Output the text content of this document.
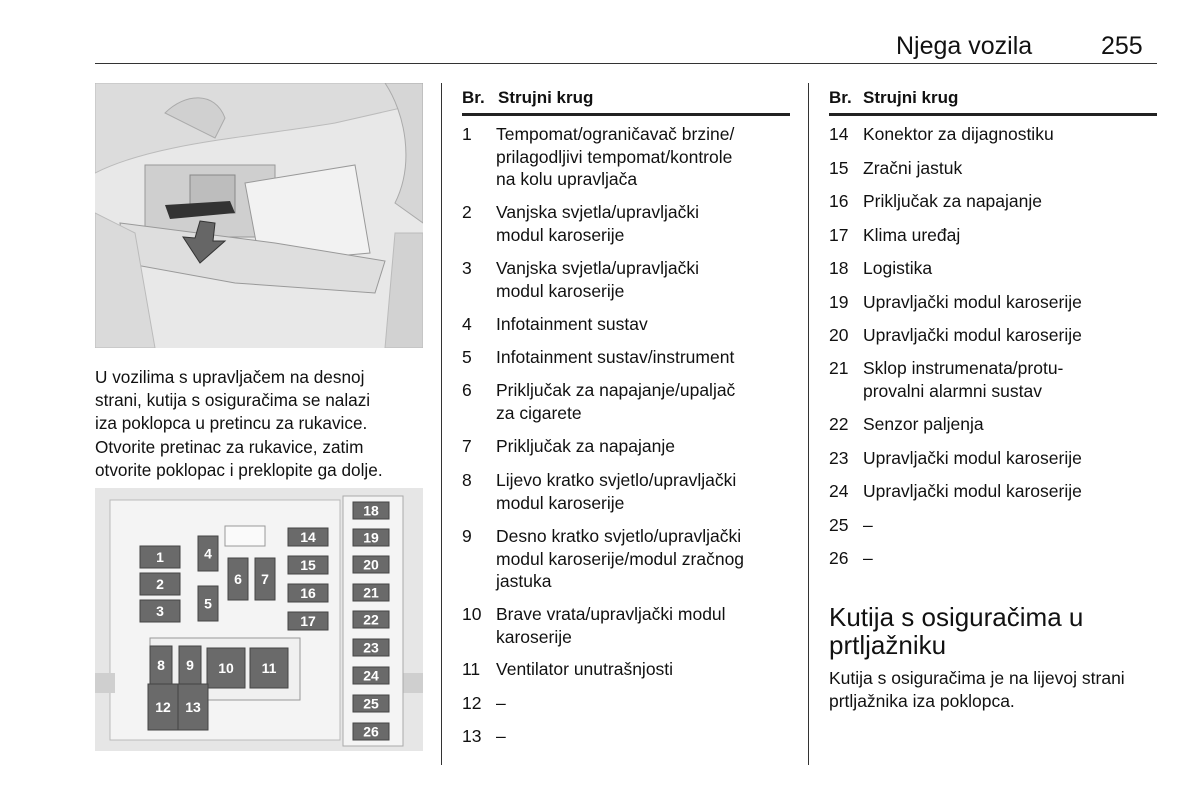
Njega vozila	255

U vozilima s upravljačem na desnoj

strani, kutija s osiguračima se nalazi

iza poklopca u pretincu za rukavice.

Otvorite pretinac za rukavice, zatim

otvorite poklopac i preklopite ga dolje.

1
2
3
4
5
6 7
8 9 10 11
12 13
14
15
16
17
18
19
20
21
22
23
24
25
26
Br. Strujni krug
1 Tempomat/ograničavač brzine/
prilagodljivi tempomat/kontrole
na kolu upravljača
2 Vanjska svjetla/upravljački
modul karoserije
3 Vanjska svjetla/upravljački
modul karoserije
4 Infotainment sustav
5 Infotainment sustav/instrument
6 Priključak za napajanje/upaljač
za cigarete
7 Priključak za napajanje
8 Lijevo kratko svjetlo/upravljački
modul karoserije
9 Desno kratko svjetlo/upravljački
modul karoserije/modul zračnog
jastuka
10 Brave vrata/upravljački modul
karoserije
11 Ventilator unutrašnjosti
12 –
13 –
Br. Strujni krug
14 Konektor za dijagnostiku
15 Zračni jastuk
16 Priključak za napajanje
17 Klima uređaj
18 Logistika
19 Upravljački modul karoserije
20 Upravljački modul karoserije
21 Sklop instrumenata/protu-
provalni alarmni sustav
22 Senzor paljenja
23 Upravljački modul karoserije
24 Upravljački modul karoserije
25 –
26 –
Kutija s osiguračima u
prtljažniku

Kutija s osiguračima je na lijevoj strani

prtljažnika iza poklopca.
